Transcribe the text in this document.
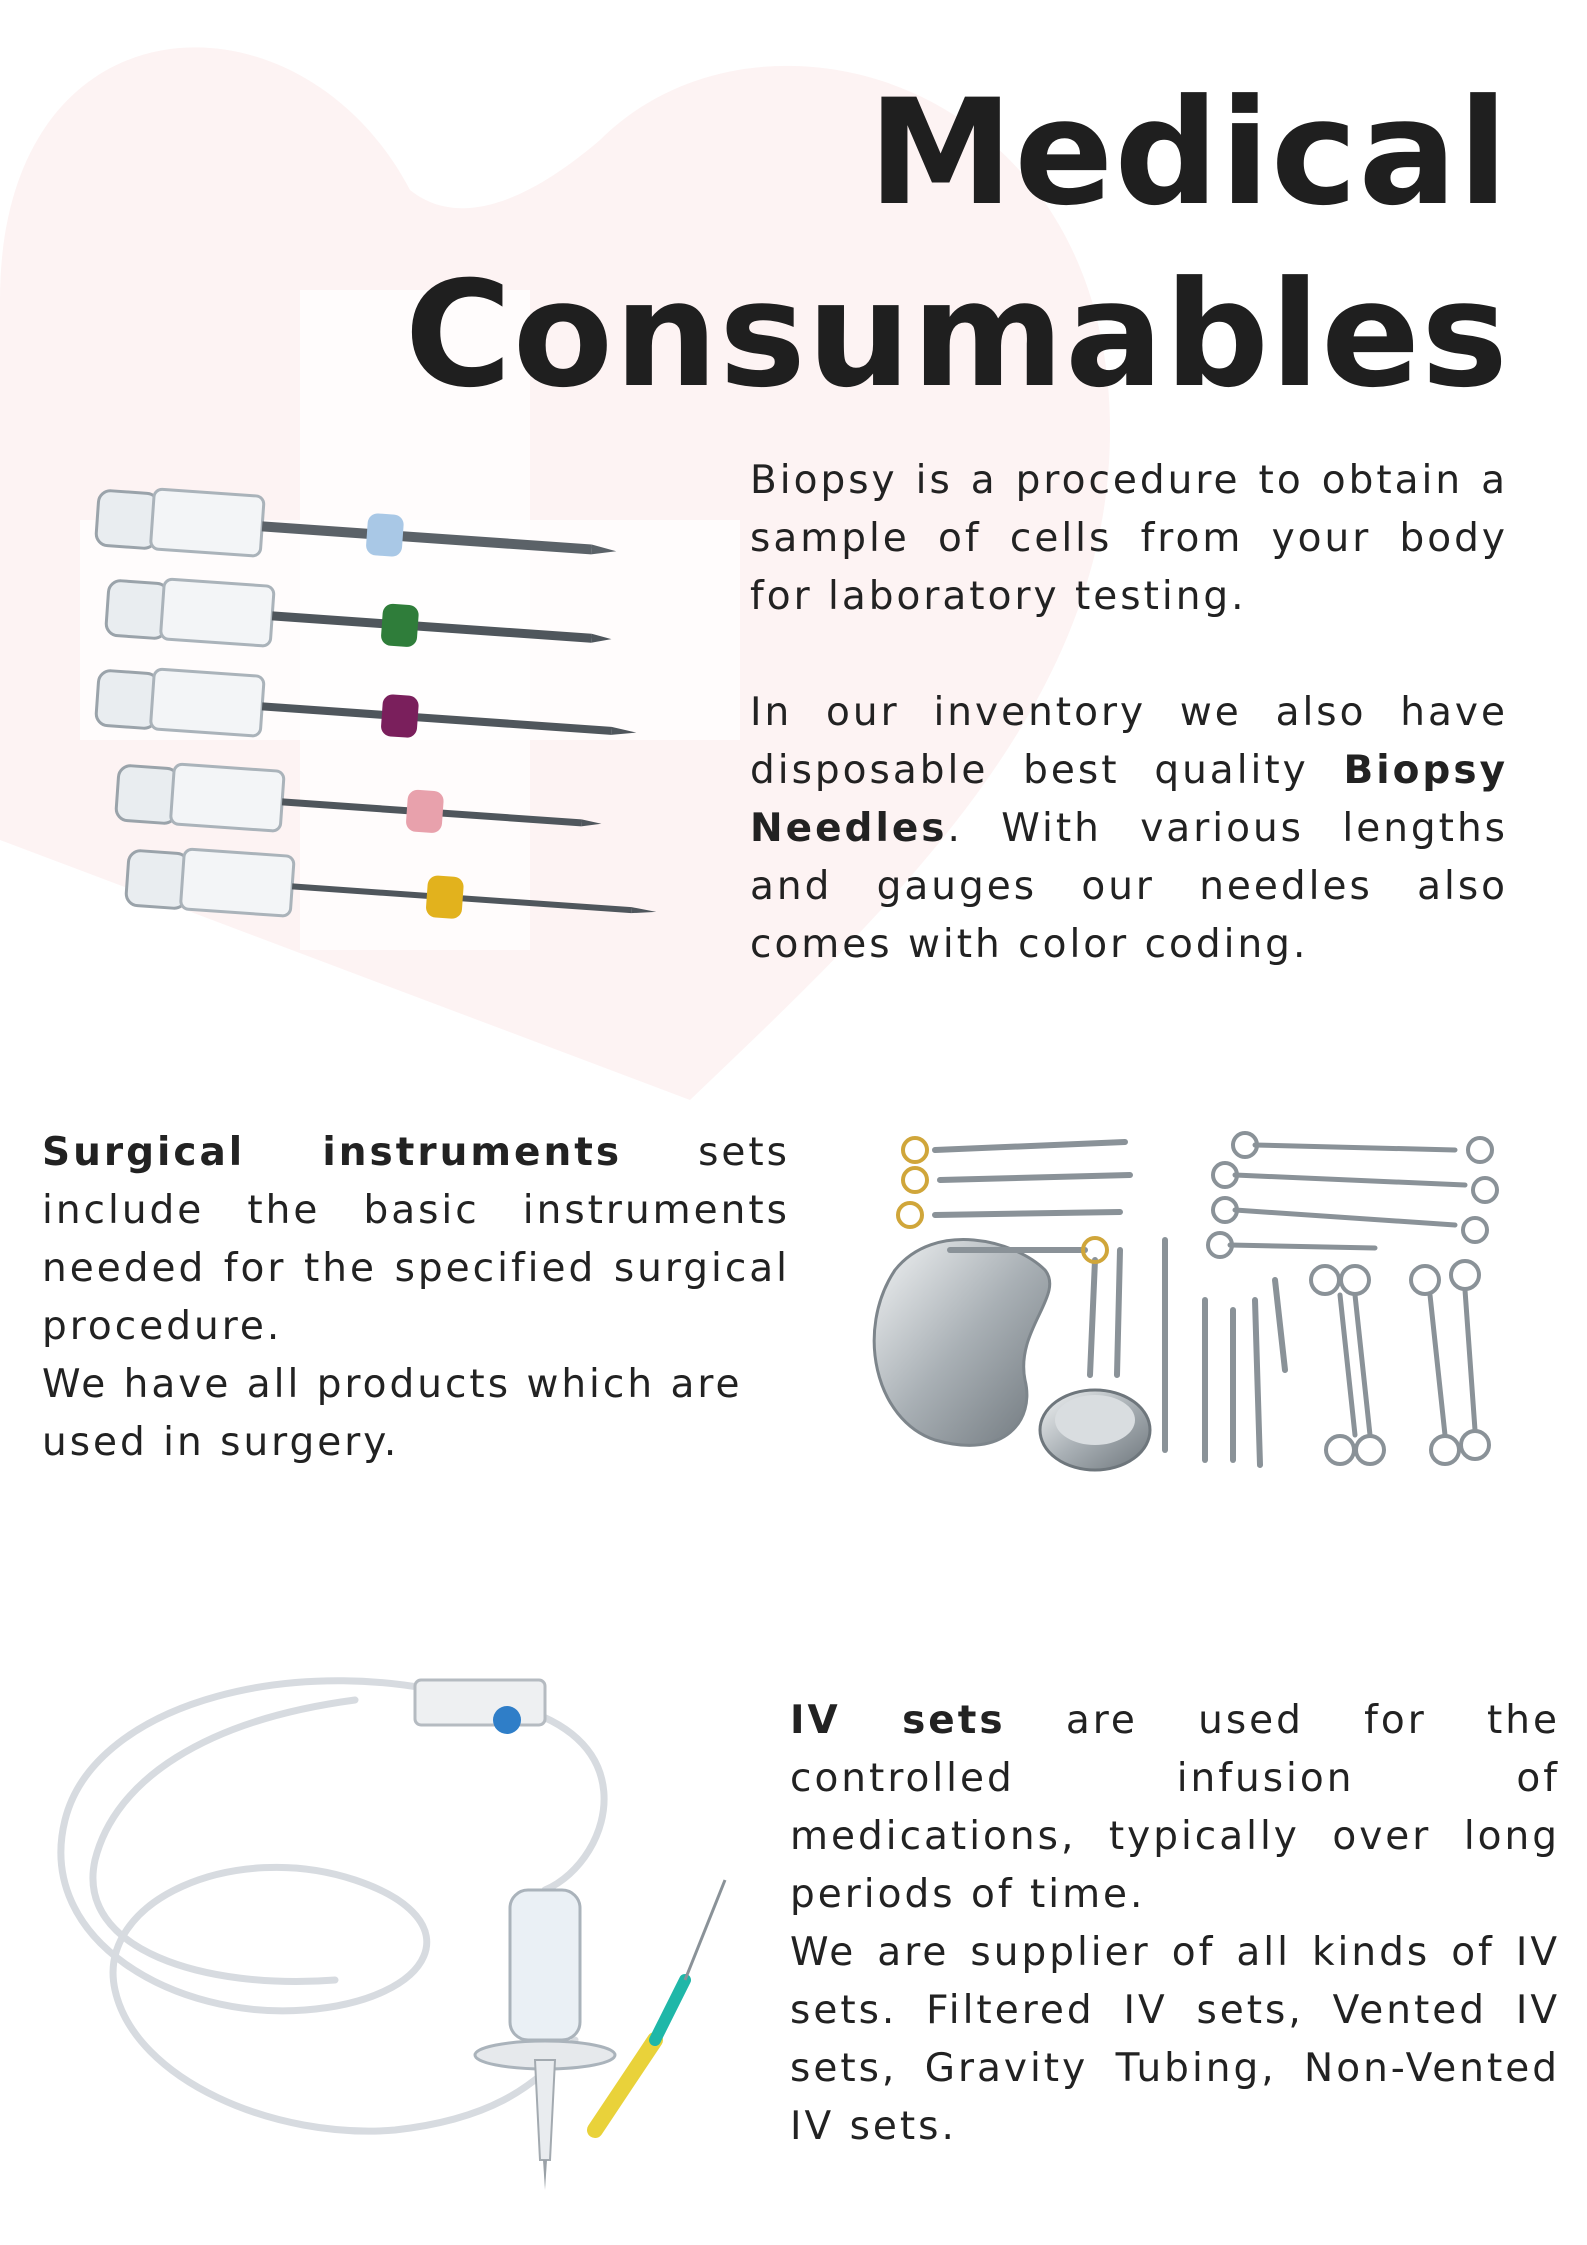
Medical
Consumables

Biopsy is a procedure to obtain a sample of cells from your body for laboratory testing.

In our inventory we also have disposable best quality Biopsy Needles. With various lengths and gauges our needles also comes with color coding.

Surgical instruments sets include the basic instruments needed for the specified surgical procedure.

We have all products which are used in surgery.

IV sets are used for the controlled infusion of medications, typically over long periods of time.

We are supplier of all kinds of IV sets. Filtered IV sets, Vented IV sets, Gravity Tubing, Non-Vented IV sets.
